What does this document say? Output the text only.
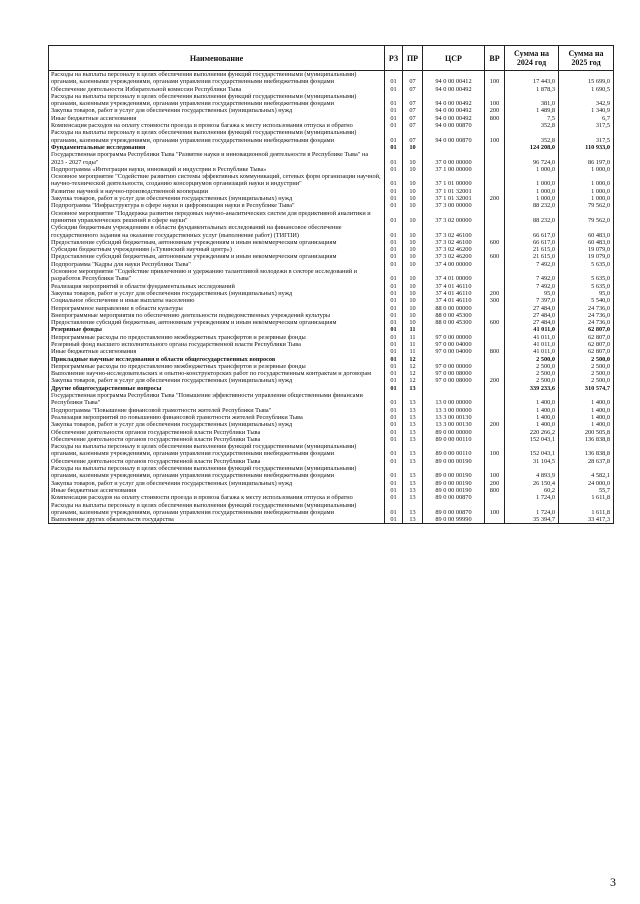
Наименование	РЗ	ПР	ЦСР	ВР	Сумма на 2024 год	Сумма на 2025 год
Расходы на выплаты персоналу в целях обеспечения выполнения функций государственными (муниципальными) органами, казенными учреждениями, органами управления государственными внебюджетными фондами	01	07	94 0 00 00412	100	17 443,0	15 699,0
Обеспечение деятельности Избирательной комиссии Республики Тыва	01	07	94 0 00 00492		1 878,3	1 690,5
Расходы на выплаты персоналу в целях обеспечения выполнения функций государственными (муниципальными) органами, казенными учреждениями, органами управления государственными внебюджетными фондами	01	07	94 0 00 00492	100	381,0	342,9
Закупка товаров, работ и услуг для обеспечения государственных (муниципальных) нужд	01	07	94 0 00 00492	200	1 489,8	1 340,9
Иные бюджетные ассигнования	01	07	94 0 00 00492	800	7,5	6,7
Компенсация расходов на оплату стоимости проезда и провоза багажа к месту использования отпуска и обратно	01	07	94 0 00 00870		352,8	317,5
Расходы на выплаты персоналу в целях обеспечения выполнения функций государственными (муниципальными) органами, казенными учреждениями, органами управления государственными внебюджетными фондами	01	07	94 0 00 00870	100	352,8	317,5
Фундаментальные исследования	01	10			124 208,0	110 933,0
Государственная программа Республики Тыва "Развитие науки и инновационной деятельности в Республике Тыва" на 2023 - 2027 годы"	01	10	37 0 00 00000		96 724,0	86 197,0
Подпрограмма «Интеграция науки, инноваций и индустрии в Республике Тыва»	01	10	37 1 00 00000		1 000,0	1 000,0
Основное мероприятие "Содействие развитию системы эффективных коммуникаций, сетевых форм организации научной, научно-технической деятельности, созданию консорциумов организаций науки и индустрии"	01	10	37 1 01 00000		1 000,0	1 000,0
Развитие научной и научно-производственной кооперации	01	10	37 1 01 32001		1 000,0	1 000,0
Закупка товаров, работ и услуг для обеспечения государственных (муниципальных) нужд	01	10	37 1 01 32001	200	1 000,0	1 000,0
Подпрограмма "Инфраструктура в сфере науки и цифровизация науки в Республике Тыва"	01	10	37 3 00 00000		88 232,0	79 562,0
Основное мероприятие "Поддержка развития передовых научно-аналитических систем для предиктивной аналитики и принятия управленческих решений в сфере науки"	01	10	37 3 02 00000		88 232,0	79 562,0
Субсидии бюджетным учреждениям в области фундаментальных исследований на финансовое обеспечение государственного задания на оказание государственных услуг (выполнение работ) (ТИГПИ)	01	10	37 3 02 46100		66 617,0	60 483,0
Предоставление субсидий бюджетным, автономным учреждениям и иным некоммерческим организациям	01	10	37 3 02 46100	600	66 617,0	60 483,0
Субсидии бюджетным учреждениям («Тувинский научный центр»)	01	10	37 3 02 46200		21 615,0	19 079,0
Предоставление субсидий бюджетным, автономным учреждениям и иным некоммерческим организациям	01	10	37 3 02 46200	600	21 615,0	19 079,0
Подпрограмма "Кадры для науки Республики Тыва"	01	10	37 4 00 00000		7 492,0	5 635,0
Основное мероприятие "Содействие привлечению и удержанию талантливой молодежи в секторе исследований и разработок Республики Тыва"	01	10	37 4 01 00000		7 492,0	5 635,0
Реализация мероприятий в области фундаментальных исследований	01	10	37 4 01 46110		7 492,0	5 635,0
Закупка товаров, работ и услуг для обеспечения государственных (муниципальных) нужд	01	10	37 4 01 46110	200	95,0	95,0
Социальное обеспечение и иные выплаты населению	01	10	37 4 01 46110	300	7 397,0	5 540,0
Непрограммное направление в области культуры	01	10	88 0 00 00000		27 484,0	24 736,0
Внепрограммные мероприятия по обеспечению деятельности подведомственных учреждений культуры	01	10	88 0 00 45300		27 484,0	24 736,0
Предоставление субсидий бюджетным, автономным учреждениям и иным некоммерческим организациям	01	10	88 0 00 45300	600	27 484,0	24 736,0
Резервные фонды	01	11			41 011,0	62 807,0
Непрограммные расходы по предоставлению межбюджетных трансфертов и резервные фонды	01	11	97 0 00 00000		41 011,0	62 807,0
Резервный фонд высшего исполнительного органа государственной власти Республики Тыва	01	11	97 0 00 04000		41 011,0	62 807,0
Иные бюджетные ассигнования	01	11	97 0 00 04000	800	41 011,0	62 807,0
Прикладные научные исследования в области общегосударственных вопросов	01	12			2 500,0	2 500,0
Непрограммные расходы по предоставлению межбюджетных трансфертов и резервные фонды	01	12	97 0 00 00000		2 500,0	2 500,0
Выполнение научно-исследовательских и опытно-конструкторских работ по государственным контрактам и договорам	01	12	97 0 00 08000		2 500,0	2 500,0
Закупка товаров, работ и услуг для обеспечения государственных (муниципальных) нужд	01	12	97 0 00 08000	200	2 500,0	2 500,0
Другие общегосударственные вопросы	01	13			339 233,6	310 574,7
Государственная программа Республики Тыва "Повышение эффективности управления общественными финансами Республики Тыва"	01	13	13 0 00 00000		1 400,0	1 400,0
Подпрограмма "Повышение финансовой грамотности жителей Республики Тыва"	01	13	13 3 00 00000		1 400,0	1 400,0
Реализация мероприятий по повышению финансовой грамотности жителей Республики Тыва	01	13	13 3 00 00130		1 400,0	1 400,0
Закупка товаров, работ и услуг для обеспечения государственных (муниципальных) нужд	01	13	13 3 00 00130	200	1 400,0	1 400,0
Обеспечение деятельности органов государственной власти Республики Тыва	01	13	89 0 00 00000		220 266,2	200 505,8
Обеспечение деятельности органов государственной власти Республики Тыва	01	13	89 0 00 00110		152 043,1	136 838,8
Расходы на выплаты персоналу в целях обеспечения выполнения функций государственными (муниципальными) органами, казенными учреждениями, органами управления государственными внебюджетными фондами	01	13	89 0 00 00110	100	152 043,1	136 838,8
Обеспечение деятельности органов государственной власти Республики Тыва	01	13	89 0 00 00190		31 104,5	28 637,8
Расходы на выплаты персоналу в целях обеспечения выполнения функций государственными (муниципальными) органами, казенными учреждениями, органами управления государственными внебюджетными фондами	01	13	89 0 00 00190	100	4 893,9	4 582,1
Закупка товаров, работ и услуг для обеспечения государственных (муниципальных) нужд	01	13	89 0 00 00190	200	26 150,4	24 000,0
Иные бюджетные ассигнования	01	13	89 0 00 00190	800	60,2	55,7
Компенсация расходов на оплату стоимости проезда и провоза багажа к месту использования отпуска и обратно	01	13	89 0 00 00870		1 724,0	1 611,8
Расходы на выплаты персоналу в целях обеспечения выполнения функций государственными (муниципальными) органами, казенными учреждениями, органами управления государственными внебюджетными фондами	01	13	89 0 00 00870	100	1 724,0	1 611,8
Выполнение других обязательств государства	01	13	89 0 00 99990		35 394,7	33 417,3
3
